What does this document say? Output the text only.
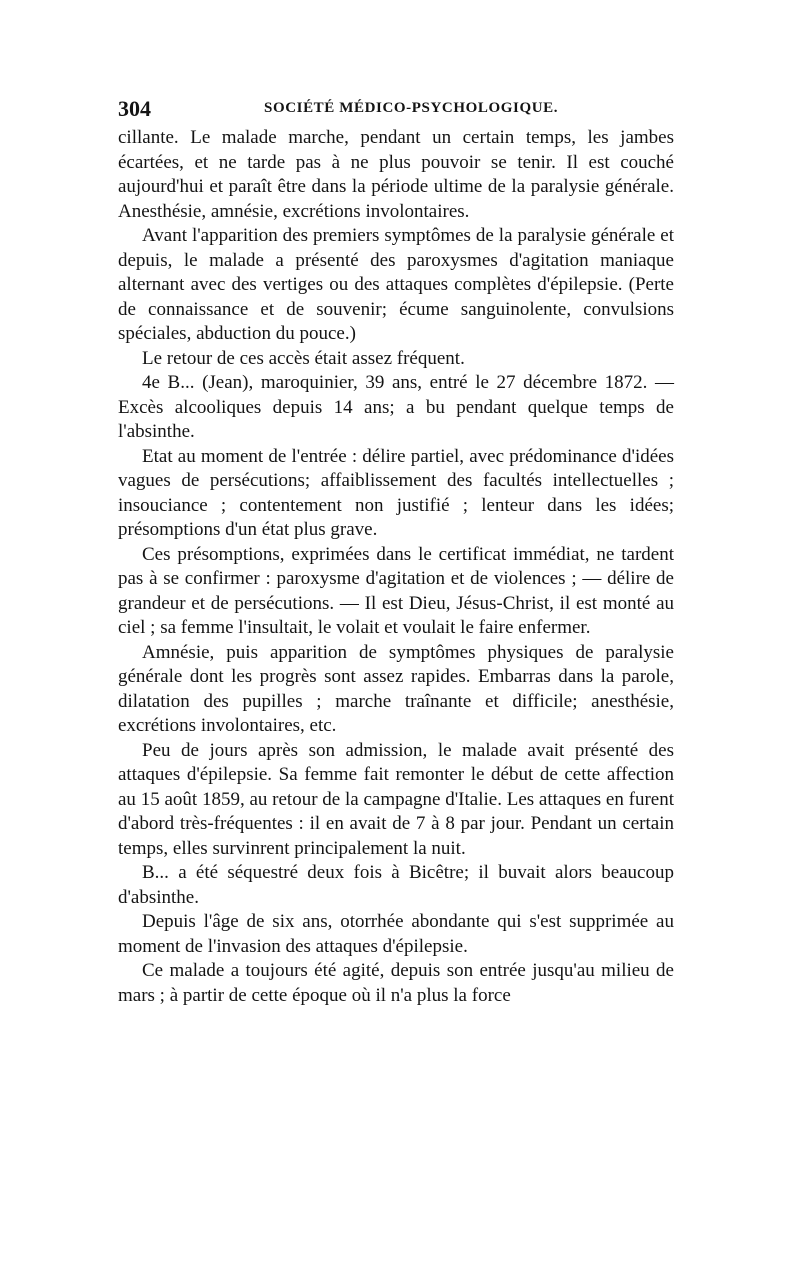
304	SOCIÉTÉ MÉDICO-PSYCHOLOGIQUE.

cillante. Le malade marche, pendant un certain temps, les jambes écartées, et ne tarde pas à ne plus pouvoir se tenir. Il est couché aujourd'hui et paraît être dans la période ultime de la paralysie générale. Anesthésie, amnésie, excrétions involontaires.

Avant l'apparition des premiers symptômes de la paralysie générale et depuis, le malade a présenté des paroxysmes d'agitation maniaque alternant avec des vertiges ou des attaques complètes d'épilepsie. (Perte de connaissance et de souvenir; écume sanguinolente, convulsions spéciales, abduction du pouce.)

Le retour de ces accès était assez fréquent.

4e B... (Jean), maroquinier, 39 ans, entré le 27 décembre 1872. — Excès alcooliques depuis 14 ans; a bu pendant quelque temps de l'absinthe.

Etat au moment de l'entrée : délire partiel, avec prédominance d'idées vagues de persécutions; affaiblissement des facultés intellectuelles ; insouciance ; contentement non justifié ; lenteur dans les idées; présomptions d'un état plus grave.

Ces présomptions, exprimées dans le certificat immédiat, ne tardent pas à se confirmer : paroxysme d'agitation et de violences ; — délire de grandeur et de persécutions. — Il est Dieu, Jésus-Christ, il est monté au ciel ; sa femme l'insultait, le volait et voulait le faire enfermer.

Amnésie, puis apparition de symptômes physiques de paralysie générale dont les progrès sont assez rapides. Embarras dans la parole, dilatation des pupilles ; marche traînante et difficile; anesthésie, excrétions involontaires, etc.

Peu de jours après son admission, le malade avait présenté des attaques d'épilepsie. Sa femme fait remonter le début de cette affection au 15 août 1859, au retour de la campagne d'Italie. Les attaques en furent d'abord très-fréquentes : il en avait de 7 à 8 par jour. Pendant un certain temps, elles survinrent principalement la nuit.

B... a été séquestré deux fois à Bicêtre; il buvait alors beaucoup d'absinthe.

Depuis l'âge de six ans, otorrhée abondante qui s'est supprimée au moment de l'invasion des attaques d'épilepsie.

Ce malade a toujours été agité, depuis son entrée jusqu'au milieu de mars ; à partir de cette époque où il n'a plus la force
